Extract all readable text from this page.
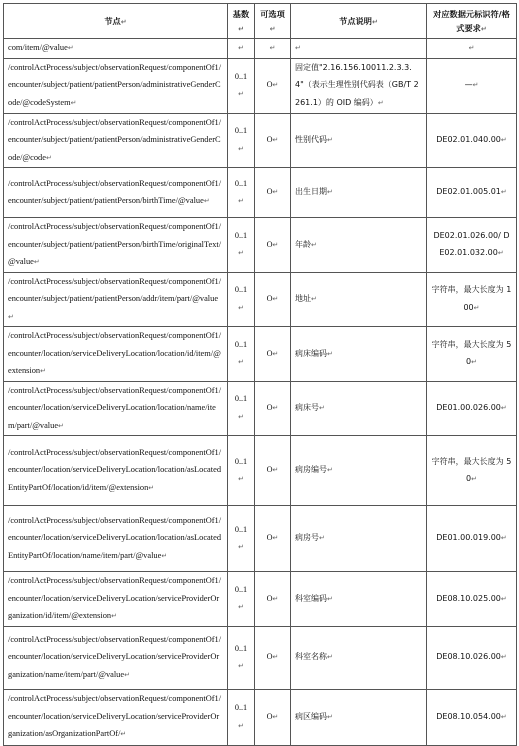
节点↵	基数↵	可选项↵	节点说明↵	对应数据元标识符/格式要求↵
com/item/@value↵	↵	↵	↵	↵
/controlActProcess/subject/observationRequest/componentOf1/encounter/subject/patient/patientPerson/administrativeGenderCode/@codeSystem↵	0..1↵	O↵	固定值"2.16.156.10011.2.3.3.4"（表示生理性别代码表（GB/T 2261.1）的 OID 编码）↵	—↵
/controlActProcess/subject/observationRequest/componentOf1/encounter/subject/patient/patientPerson/administrativeGenderCode/@code↵	0..1↵	O↵	性别代码↵	DE02.01.040.00↵
/controlActProcess/subject/observationRequest/componentOf1/encounter/subject/patient/patientPerson/birthTime/@value↵	0..1↵	O↵	出生日期↵	DE02.01.005.01↵
/controlActProcess/subject/observationRequest/componentOf1/encounter/subject/patient/patientPerson/birthTime/originalText/@value↵	0..1↵	O↵	年龄↵	DE02.01.026.00/ DE02.01.032.00↵
/controlActProcess/subject/observationRequest/componentOf1/encounter/subject/patient/patientPerson/addr/item/part/@value↵	0..1↵	O↵	地址↵	字符串，最大长度为 100↵
/controlActProcess/subject/observationRequest/componentOf1/encounter/location/serviceDeliveryLocation/location/id/item/@extension↵	0..1↵	O↵	病床编码↵	字符串，最大长度为 50↵
/controlActProcess/subject/observationRequest/componentOf1/encounter/location/serviceDeliveryLocation/location/name/item/part/@value↵	0..1↵	O↵	病床号↵	DE01.00.026.00↵
/controlActProcess/subject/observationRequest/componentOf1/encounter/location/serviceDeliveryLocation/location/asLocatedEntityPartOf/location/id/item/@extension↵	0..1↵	O↵	病房编号↵	字符串，最大长度为 50↵
/controlActProcess/subject/observationRequest/componentOf1/encounter/location/serviceDeliveryLocation/location/asLocatedEntityPartOf/location/name/item/part/@value↵	0..1↵	O↵	病房号↵	DE01.00.019.00↵
/controlActProcess/subject/observationRequest/componentOf1/encounter/location/serviceDeliveryLocation/serviceProviderOrganization/id/item/@extension↵	0..1↵	O↵	科室编码↵	DE08.10.025.00↵
/controlActProcess/subject/observationRequest/componentOf1/encounter/location/serviceDeliveryLocation/serviceProviderOrganization/name/item/part/@value↵	0..1↵	O↵	科室名称↵	DE08.10.026.00↵
/controlActProcess/subject/observationRequest/componentOf1/encounter/location/serviceDeliveryLocation/serviceProviderOrganization/asOrganizationPartOf/↵	0..1↵	O↵	病区编码↵	DE08.10.054.00↵
